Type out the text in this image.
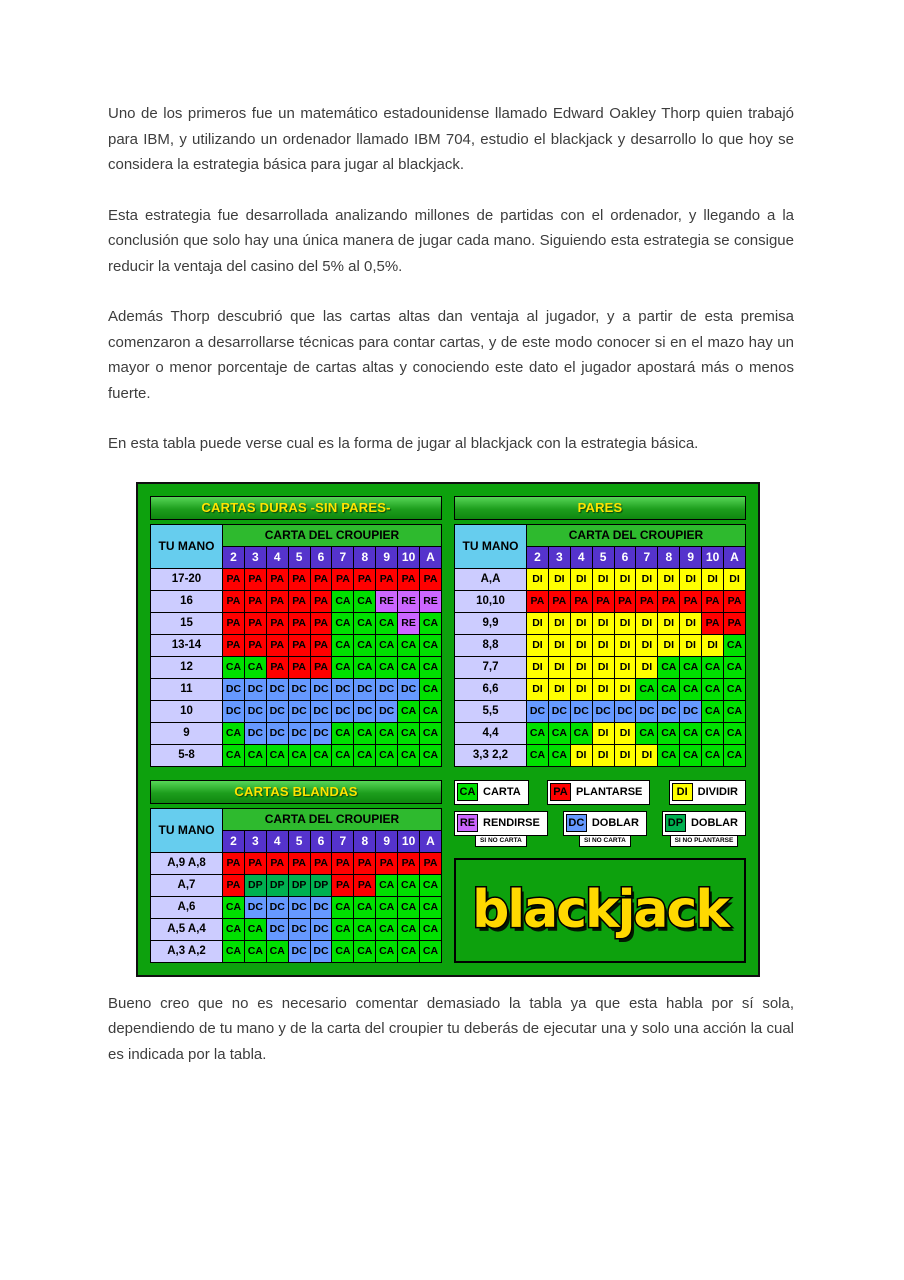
Uno de los primeros fue un matemático estadounidense llamado Edward Oakley Thorp quien trabajó para IBM, y utilizando un ordenador llamado IBM 704, estudio el blackjack y desarrollo lo que hoy se considera la estrategia básica para jugar al blackjack.

Esta estrategia fue desarrollada analizando millones de partidas con el ordenador, y llegando a la conclusión que solo hay una única manera de jugar cada mano. Siguiendo esta estrategia se consigue reducir la ventaja del casino del 5% al 0,5%.

Además Thorp descubrió que las cartas altas dan ventaja al jugador, y a partir de esta premisa comenzaron a desarrollarse técnicas para contar cartas, y de este modo conocer si en el mazo hay un mayor o menor porcentaje de cartas altas y conociendo este dato el jugador apostará más o menos fuerte.

En esta tabla puede verse cual es la forma de jugar al blackjack con la estrategia básica.

CARTAS DURAS -SIN PARES-
TU MANO	CARTA DEL CROUPIER									
	2	3	4	5	6	7	8	9	10	A
17-20	PA	PA	PA	PA	PA	PA	PA	PA	PA	PA
16	PA	PA	PA	PA	PA	CA	CA	RE	RE	RE
15	PA	PA	PA	PA	PA	CA	CA	CA	RE	CA
13-14	PA	PA	PA	PA	PA	CA	CA	CA	CA	CA
12	CA	CA	PA	PA	PA	CA	CA	CA	CA	CA
11	DC	DC	DC	DC	DC	DC	DC	DC	DC	CA
10	DC	DC	DC	DC	DC	DC	DC	DC	CA	CA
9	CA	DC	DC	DC	DC	CA	CA	CA	CA	CA
5-8	CA	CA	CA	CA	CA	CA	CA	CA	CA	CA
PARES
TU MANO	CARTA DEL CROUPIER									
	2	3	4	5	6	7	8	9	10	A
A,A	DI	DI	DI	DI	DI	DI	DI	DI	DI	DI
10,10	PA	PA	PA	PA	PA	PA	PA	PA	PA	PA
9,9	DI	DI	DI	DI	DI	DI	DI	DI	PA	PA
8,8	DI	DI	DI	DI	DI	DI	DI	DI	DI	CA
7,7	DI	DI	DI	DI	DI	DI	CA	CA	CA	CA
6,6	DI	DI	DI	DI	DI	CA	CA	CA	CA	CA
5,5	DC	DC	DC	DC	DC	DC	DC	DC	CA	CA
4,4	CA	CA	CA	DI	DI	CA	CA	CA	CA	CA
3,3 2,2	CA	CA	DI	DI	DI	DI	CA	CA	CA	CA
CARTAS BLANDAS
TU MANO	CARTA DEL CROUPIER									
	2	3	4	5	6	7	8	9	10	A
A,9 A,8	PA	PA	PA	PA	PA	PA	PA	PA	PA	PA
A,7	PA	DP	DP	DP	DP	PA	PA	CA	CA	CA
A,6	CA	DC	DC	DC	DC	CA	CA	CA	CA	CA
A,5 A,4	CA	CA	DC	DC	DC	CA	CA	CA	CA	CA
A,3 A,2	CA	CA	CA	DC	DC	CA	CA	CA	CA	CA
CA CARTA	PA PLANTARSE	DI DIVIDIR
RE RENDIRSE
SI NO CARTA
DC DOBLAR
SI NO CARTA
DP DOBLAR
SI NO PLANTARSE
blackjack

Bueno creo que no es necesario comentar demasiado la tabla ya que esta habla por sí sola, dependiendo de tu mano y de la carta del croupier tu deberás de ejecutar una y solo una acción la cual es indicada por la tabla.
